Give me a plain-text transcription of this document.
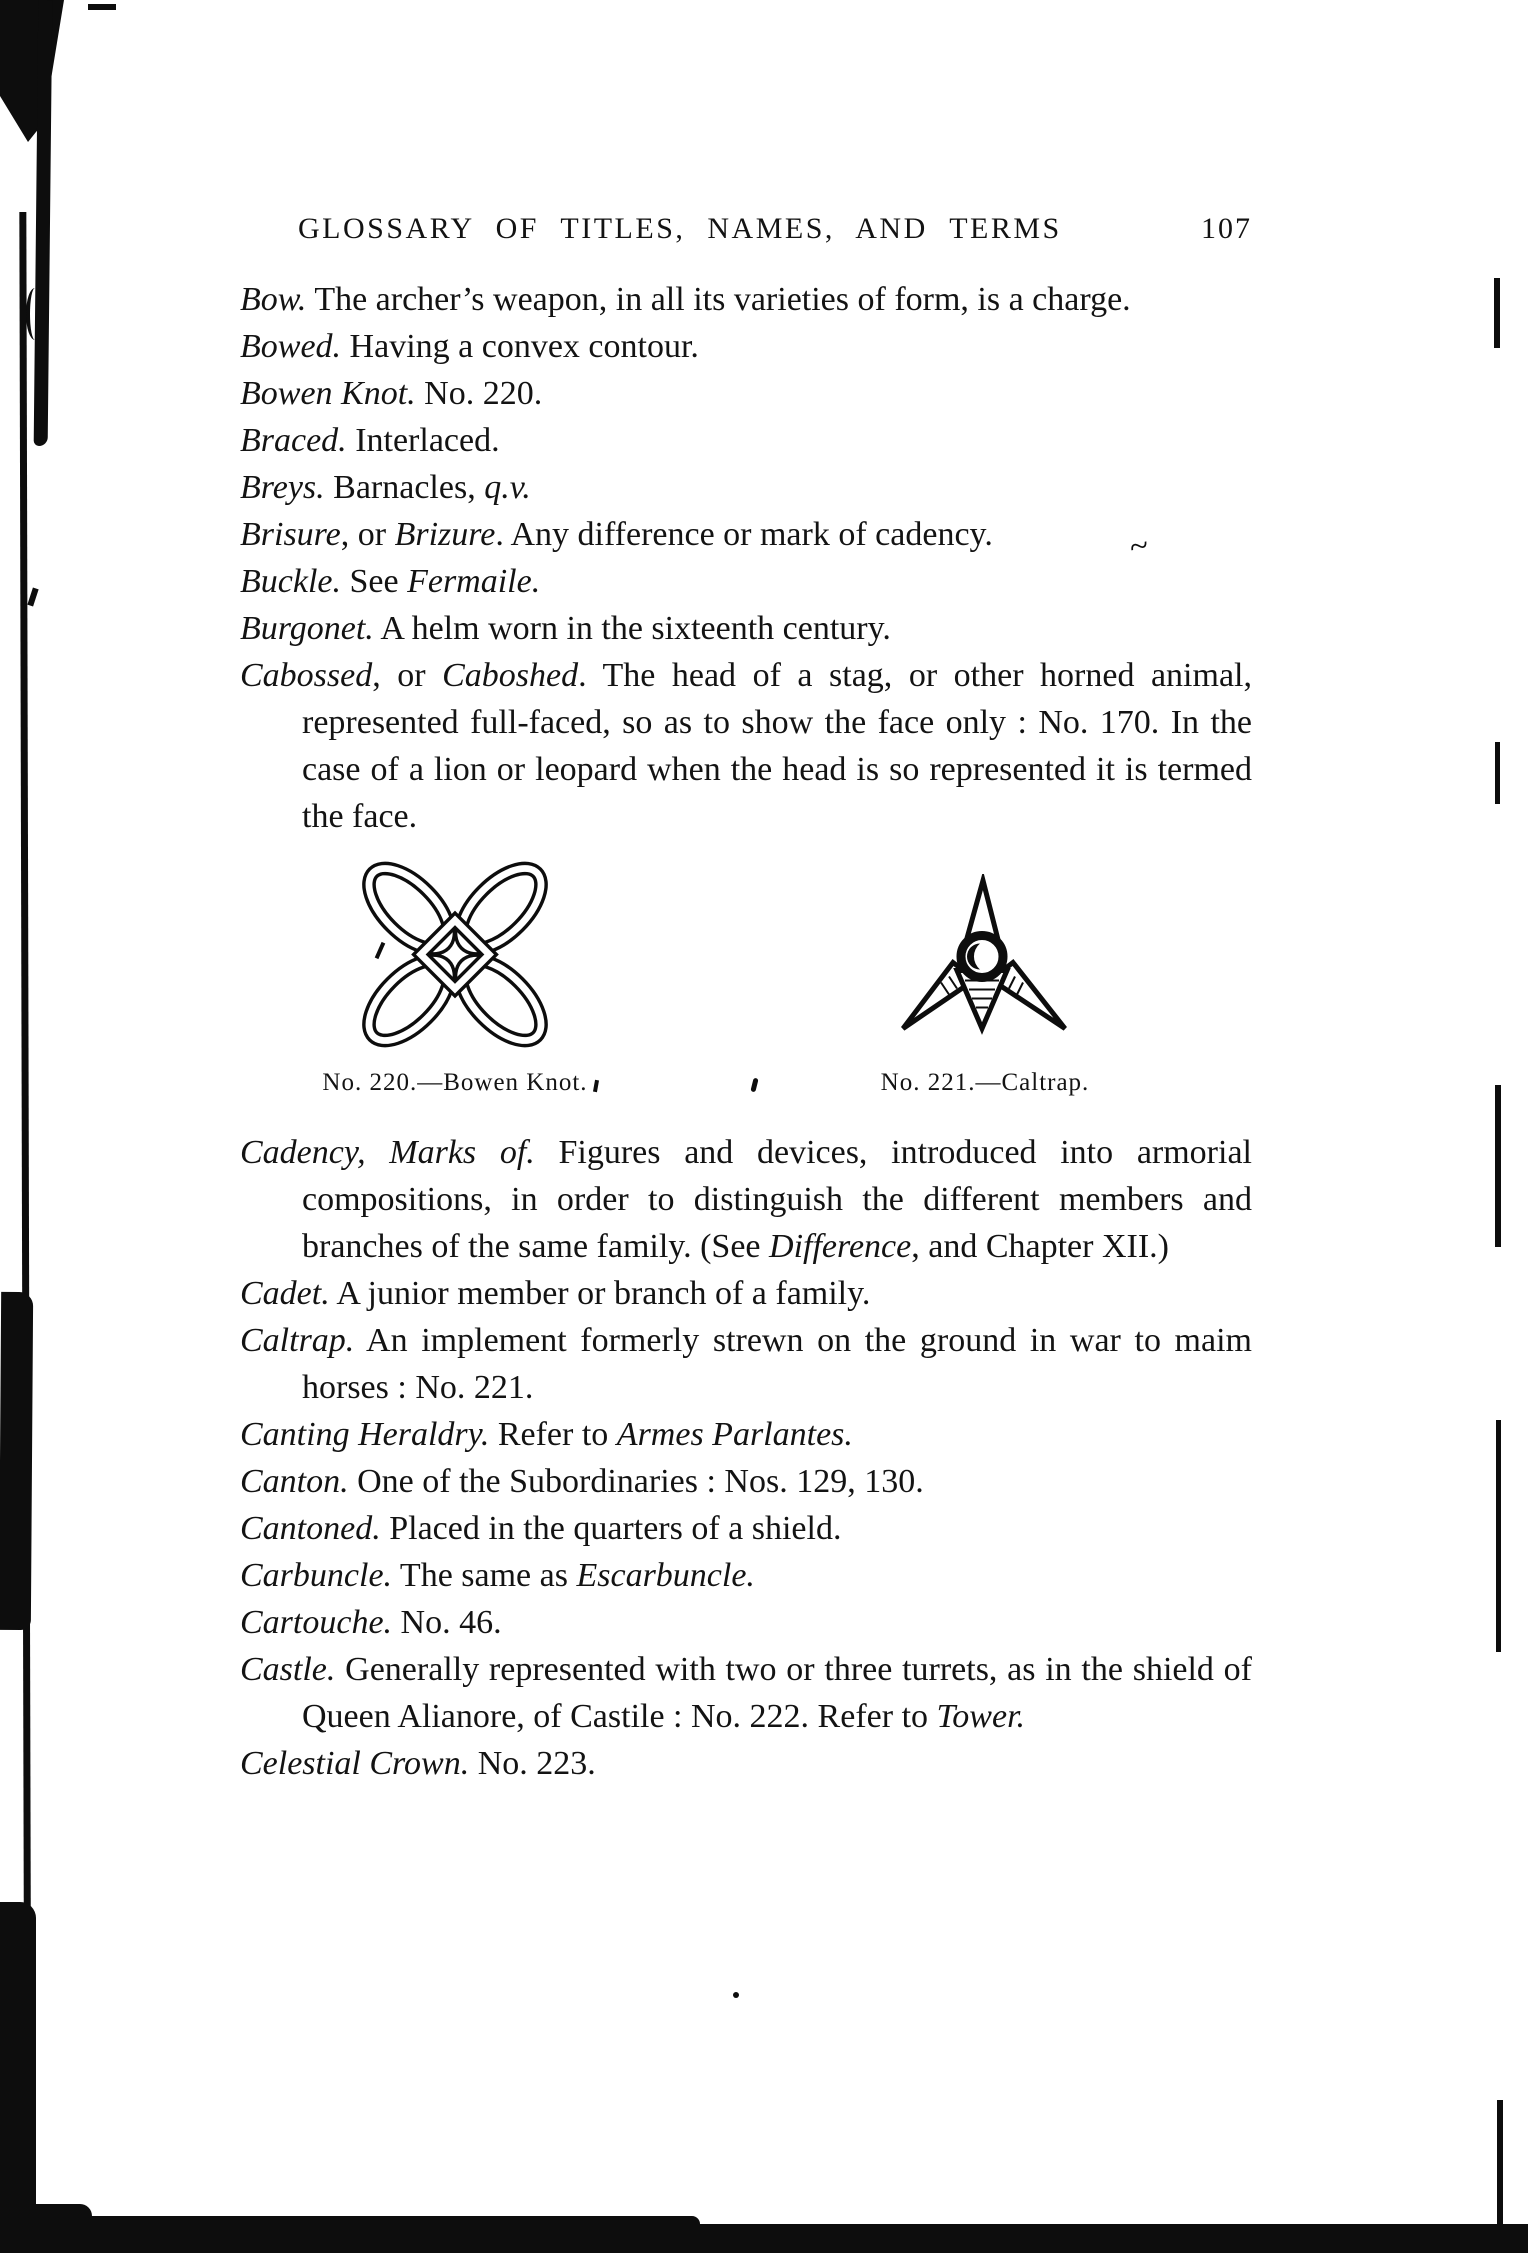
~
GLOSSARY OF TITLES, NAMES, AND TERMS	107

Bow. The archer’s weapon, in all its varieties of form, is a charge.

Bowed. Having a convex contour.

Bowen Knot. No. 220.

Braced. Interlaced.

Breys. Barnacles, q.v.

Brisure, or Brizure. Any difference or mark of cadency.

Buckle. See Fermaile.

Burgonet. A helm worn in the sixteenth century.

Cabossed, or Caboshed. The head of a stag, or other horned animal, represented full-faced, so as to show the face only : No. 170. In the case of a lion or leopard when the head is so represented it is termed the face.

No. 220.—Bowen Knot.	No. 221.—Caltrap.

Cadency, Marks of. Figures and devices, introduced into armorial compositions, in order to distinguish the different members and branches of the same family. (See Difference, and Chapter XII.)

Cadet. A junior member or branch of a family.

Caltrap. An implement formerly strewn on the ground in war to maim horses : No. 221.

Canting Heraldry. Refer to Armes Parlantes.

Canton. One of the Subordinaries : Nos. 129, 130.

Cantoned. Placed in the quarters of a shield.

Carbuncle. The same as Escarbuncle.

Cartouche. No. 46.

Castle. Generally represented with two or three turrets, as in the shield of Queen Alianore, of Castile : No. 222. Refer to Tower.

Celestial Crown. No. 223.
